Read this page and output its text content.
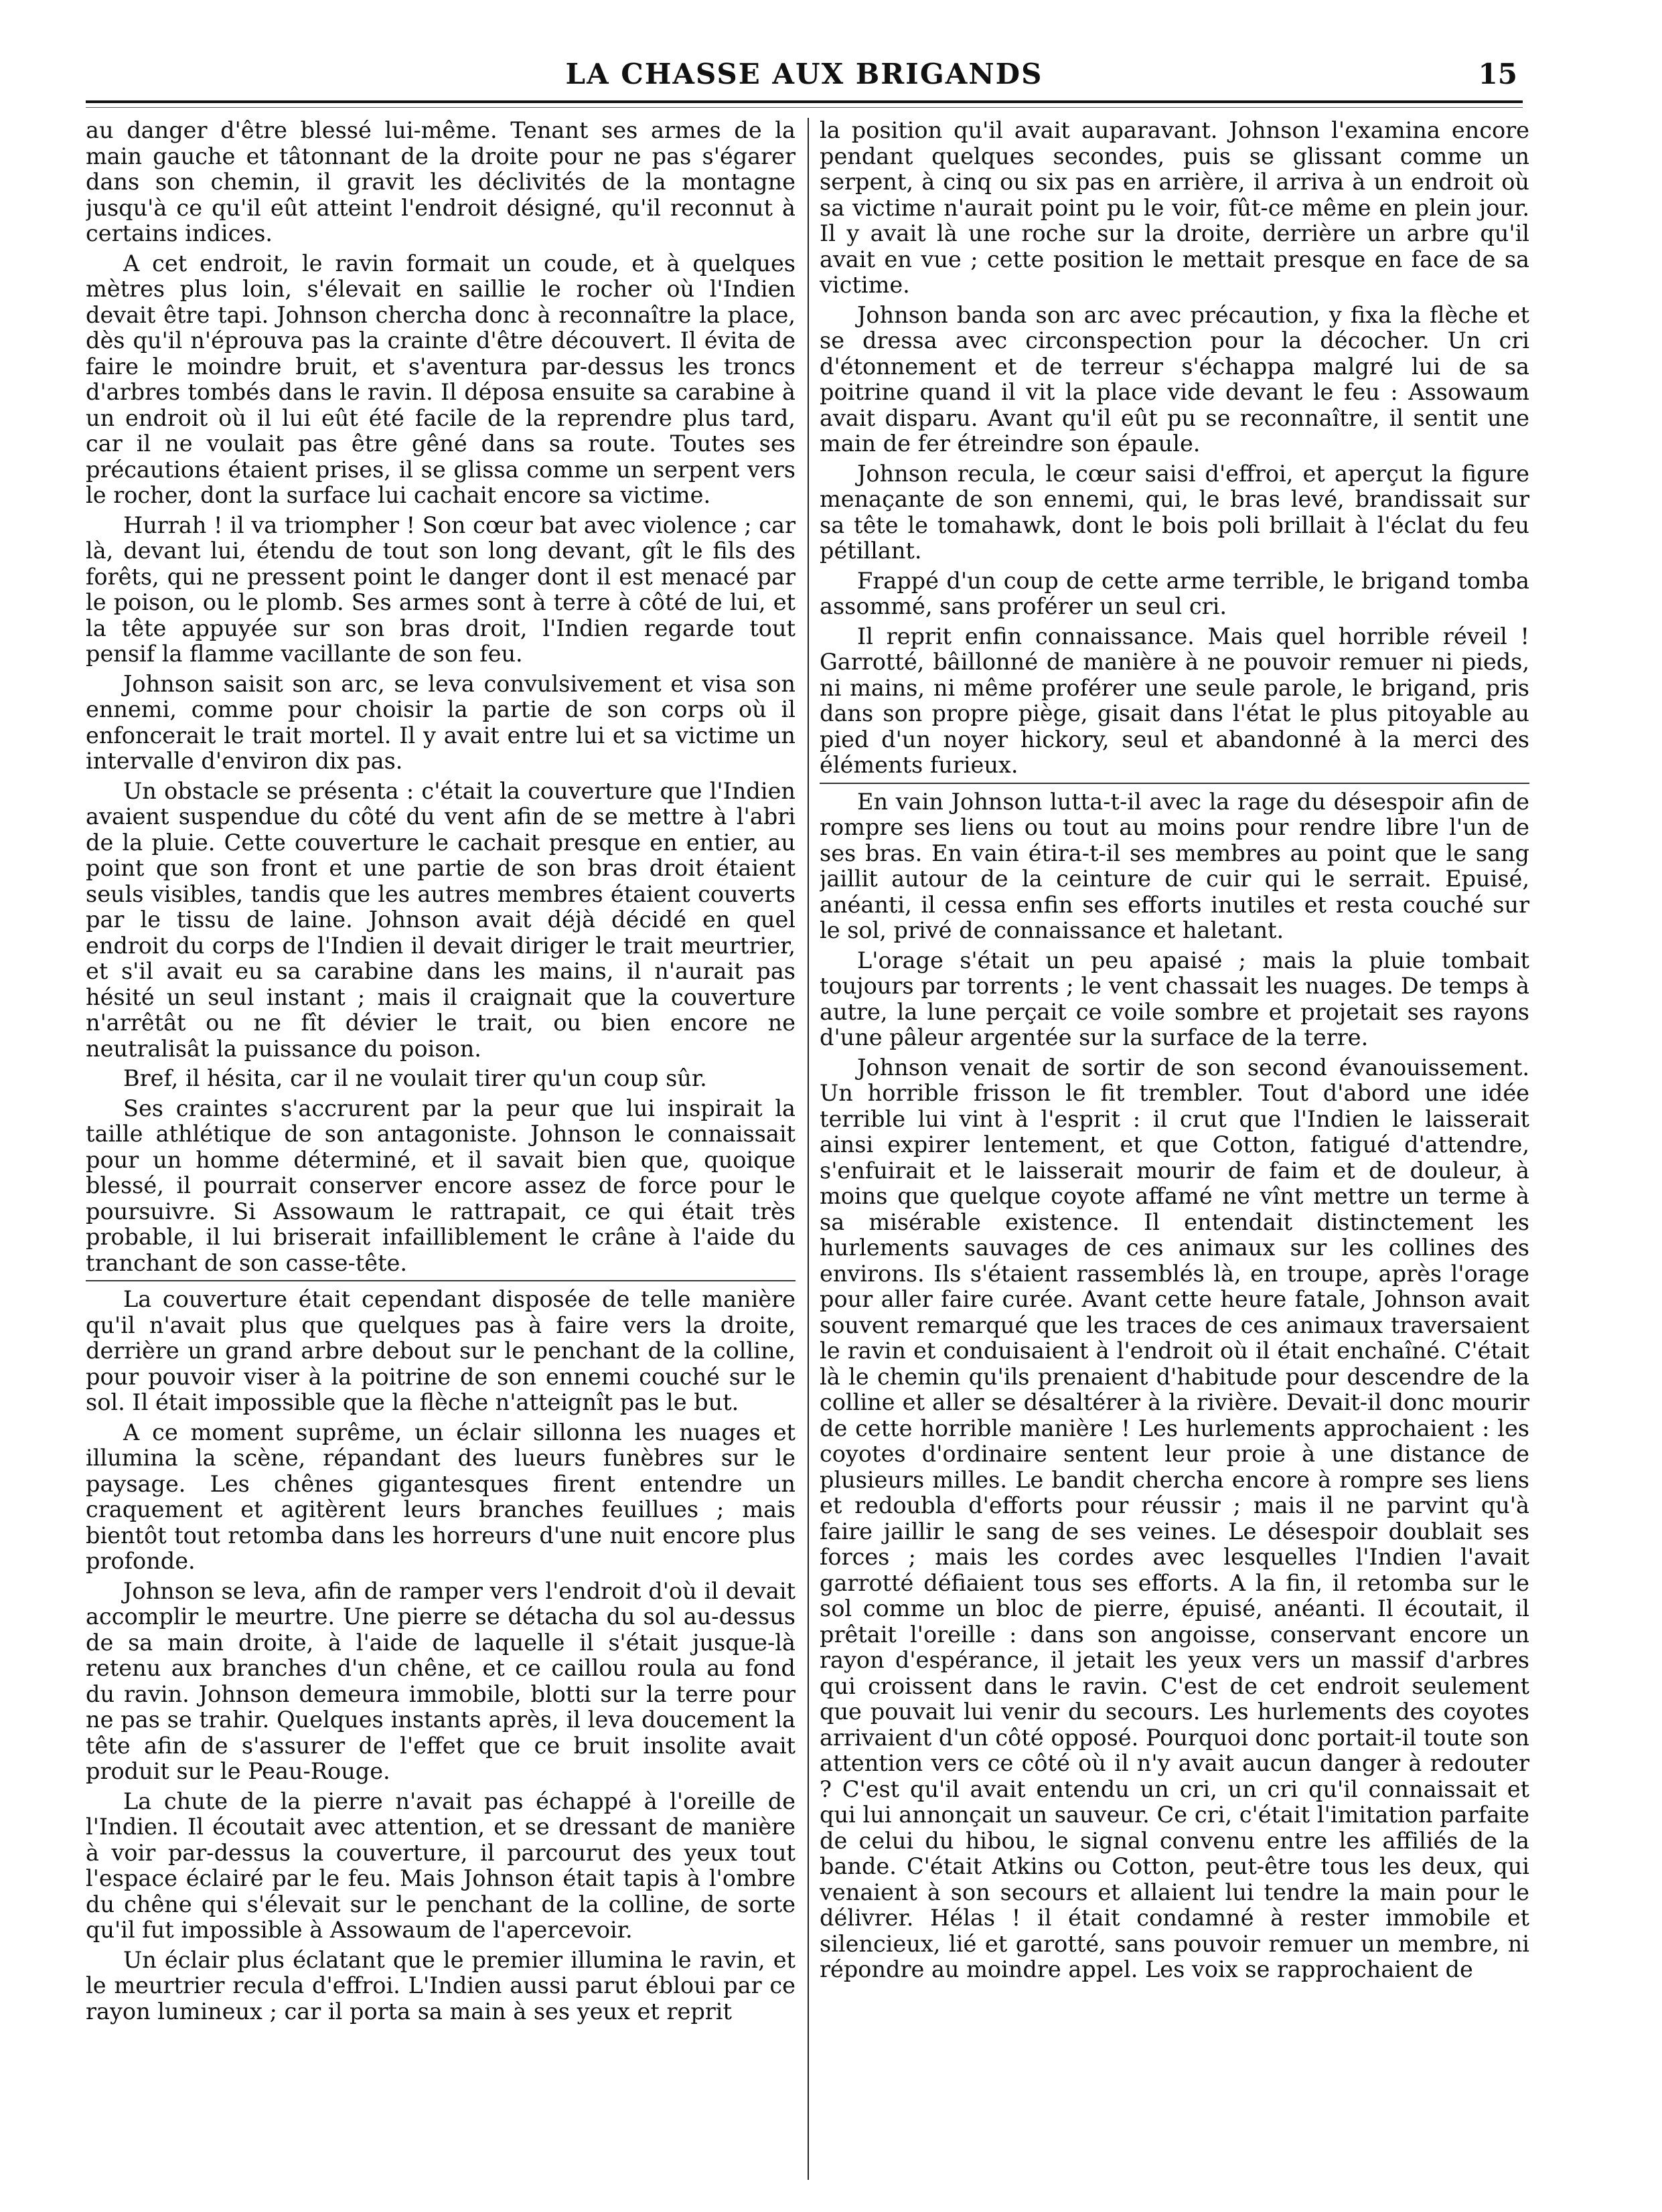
LA CHASSE AUX BRIGANDS	15

au danger d'être blessé lui-même. Tenant ses armes de la main gauche et tâtonnant de la droite pour ne pas s'égarer dans son chemin, il gravit les déclivités de la montagne jusqu'à ce qu'il eût atteint l'endroit désigné, qu'il reconnut à certains indices.

A cet endroit, le ravin formait un coude, et à quelques mètres plus loin, s'élevait en saillie le rocher où l'Indien devait être tapi. Johnson chercha donc à reconnaître la place, dès qu'il n'éprouva pas la crainte d'être découvert. Il évita de faire le moindre bruit, et s'aventura par-dessus les troncs d'arbres tombés dans le ravin. Il déposa ensuite sa carabine à un endroit où il lui eût été facile de la reprendre plus tard, car il ne voulait pas être gêné dans sa route. Toutes ses précautions étaient prises, il se glissa comme un serpent vers le rocher, dont la surface lui cachait encore sa victime.

Hurrah ! il va triompher ! Son cœur bat avec violence ; car là, devant lui, étendu de tout son long devant, gît le fils des forêts, qui ne pressent point le danger dont il est menacé par le poison, ou le plomb. Ses armes sont à terre à côté de lui, et la tête appuyée sur son bras droit, l'Indien regarde tout pensif la flamme vacillante de son feu.

Johnson saisit son arc, se leva convulsivement et visa son ennemi, comme pour choisir la partie de son corps où il enfoncerait le trait mortel. Il y avait entre lui et sa victime un intervalle d'environ dix pas.

Un obstacle se présenta : c'était la couverture que l'Indien avaient suspendue du côté du vent afin de se mettre à l'abri de la pluie. Cette couverture le cachait presque en entier, au point que son front et une partie de son bras droit étaient seuls visibles, tandis que les autres membres étaient couverts par le tissu de laine. Johnson avait déjà décidé en quel endroit du corps de l'Indien il devait diriger le trait meurtrier, et s'il avait eu sa carabine dans les mains, il n'aurait pas hésité un seul instant ; mais il craignait que la couverture n'arrêtât ou ne fît dévier le trait, ou bien encore ne neutralisât la puissance du poison.

Bref, il hésita, car il ne voulait tirer qu'un coup sûr.

Ses craintes s'accrurent par la peur que lui inspirait la taille athlétique de son antagoniste. Johnson le connaissait pour un homme déterminé, et il savait bien que, quoique blessé, il pourrait conserver encore assez de force pour le poursuivre. Si Assowaum le rattrapait, ce qui était très probable, il lui briserait infailliblement le crâne à l'aide du tranchant de son casse-tête.

La couverture était cependant disposée de telle manière qu'il n'avait plus que quelques pas à faire vers la droite, derrière un grand arbre debout sur le penchant de la colline, pour pouvoir viser à la poitrine de son ennemi couché sur le sol. Il était impossible que la flèche n'atteignît pas le but.

A ce moment suprême, un éclair sillonna les nuages et illumina la scène, répandant des lueurs funèbres sur le paysage. Les chênes gigantesques firent entendre un craquement et agitèrent leurs branches feuillues ; mais bientôt tout retomba dans les horreurs d'une nuit encore plus profonde.

Johnson se leva, afin de ramper vers l'endroit d'où il devait accomplir le meurtre. Une pierre se détacha du sol au-dessus de sa main droite, à l'aide de laquelle il s'était jusque-là retenu aux branches d'un chêne, et ce caillou roula au fond du ravin. Johnson demeura immobile, blotti sur la terre pour ne pas se trahir. Quelques instants après, il leva doucement la tête afin de s'assurer de l'effet que ce bruit insolite avait produit sur le Peau-Rouge.

La chute de la pierre n'avait pas échappé à l'oreille de l'Indien. Il écoutait avec attention, et se dressant de manière à voir par-dessus la couverture, il parcourut des yeux tout l'espace éclairé par le feu. Mais Johnson était tapis à l'ombre du chêne qui s'élevait sur le penchant de la colline, de sorte qu'il fut impossible à Assowaum de l'apercevoir.

Un éclair plus éclatant que le premier illumina le ravin, et le meurtrier recula d'effroi. L'Indien aussi parut ébloui par ce rayon lumineux ; car il porta sa main à ses yeux et reprit

la position qu'il avait auparavant. Johnson l'examina encore pendant quelques secondes, puis se glissant comme un serpent, à cinq ou six pas en arrière, il arriva à un endroit où sa victime n'aurait point pu le voir, fût-ce même en plein jour. Il y avait là une roche sur la droite, derrière un arbre qu'il avait en vue ; cette position le mettait presque en face de sa victime.

Johnson banda son arc avec précaution, y fixa la flèche et se dressa avec circonspection pour la décocher. Un cri d'étonnement et de terreur s'échappa malgré lui de sa poitrine quand il vit la place vide devant le feu : Assowaum avait disparu. Avant qu'il eût pu se reconnaître, il sentit une main de fer étreindre son épaule.

Johnson recula, le cœur saisi d'effroi, et aperçut la figure menaçante de son ennemi, qui, le bras levé, brandissait sur sa tête le tomahawk, dont le bois poli brillait à l'éclat du feu pétillant.

Frappé d'un coup de cette arme terrible, le brigand tomba assommé, sans proférer un seul cri.

Il reprit enfin connaissance. Mais quel horrible réveil ! Garrotté, bâillonné de manière à ne pouvoir remuer ni pieds, ni mains, ni même proférer une seule parole, le brigand, pris dans son propre piège, gisait dans l'état le plus pitoyable au pied d'un noyer hickory, seul et abandonné à la merci des éléments furieux.

En vain Johnson lutta-t-il avec la rage du désespoir afin de rompre ses liens ou tout au moins pour rendre libre l'un de ses bras. En vain étira-t-il ses membres au point que le sang jaillit autour de la ceinture de cuir qui le serrait. Epuisé, anéanti, il cessa enfin ses efforts inutiles et resta couché sur le sol, privé de connaissance et haletant.

L'orage s'était un peu apaisé ; mais la pluie tombait toujours par torrents ; le vent chassait les nuages. De temps à autre, la lune perçait ce voile sombre et projetait ses rayons d'une pâleur argentée sur la surface de la terre.

Johnson venait de sortir de son second évanouissement. Un horrible frisson le fit trembler. Tout d'abord une idée terrible lui vint à l'esprit : il crut que l'Indien le laisserait ainsi expirer lentement, et que Cotton, fatigué d'attendre, s'enfuirait et le laisserait mourir de faim et de douleur, à moins que quelque coyote affamé ne vînt mettre un terme à sa misérable existence. Il entendait distinctement les hurlements sauvages de ces animaux sur les collines des environs. Ils s'étaient rassemblés là, en troupe, après l'orage pour aller faire curée. Avant cette heure fatale, Johnson avait souvent remarqué que les traces de ces animaux traversaient le ravin et conduisaient à l'endroit où il était enchaîné. C'était là le chemin qu'ils prenaient d'habitude pour descendre de la colline et aller se désaltérer à la rivière. Devait-il donc mourir de cette horrible manière ! Les hurlements approchaient : les coyotes d'ordinaire sentent leur proie à une distance de plusieurs milles. Le bandit chercha encore à rompre ses liens et redoubla d'efforts pour réussir ; mais il ne parvint qu'à faire jaillir le sang de ses veines. Le désespoir doublait ses forces ; mais les cordes avec lesquelles l'Indien l'avait garrotté défiaient tous ses efforts. A la fin, il retomba sur le sol comme un bloc de pierre, épuisé, anéanti. Il écoutait, il prêtait l'oreille : dans son angoisse, conservant encore un rayon d'espérance, il jetait les yeux vers un massif d'arbres qui croissent dans le ravin. C'est de cet endroit seulement que pouvait lui venir du secours. Les hurlements des coyotes arrivaient d'un côté opposé. Pourquoi donc portait-il toute son attention vers ce côté où il n'y avait aucun danger à redouter ? C'est qu'il avait entendu un cri, un cri qu'il connaissait et qui lui annonçait un sauveur. Ce cri, c'était l'imitation parfaite de celui du hibou, le signal convenu entre les affiliés de la bande. C'était Atkins ou Cotton, peut-être tous les deux, qui venaient à son secours et allaient lui tendre la main pour le délivrer. Hélas ! il était condamné à rester immobile et silencieux, lié et garotté, sans pouvoir remuer un membre, ni répondre au moindre appel. Les voix se rapprochaient de
